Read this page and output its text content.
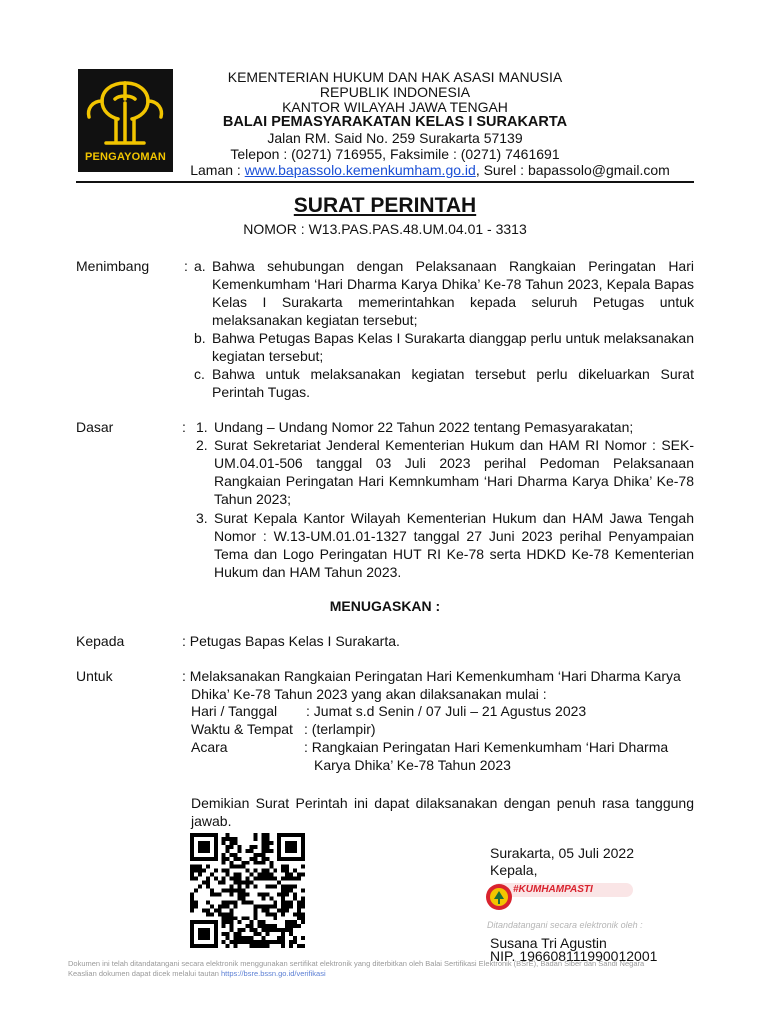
PENGAYOMAN
KEMENTERIAN HUKUM DAN HAK ASASI MANUSIA
REPUBLIK INDONESIA
KANTOR WILAYAH JAWA TENGAH
BALAI PEMASYARAKATAN KELAS I SURAKARTA
Jalan RM. Said No. 259 Surakarta 57139
Telepon : (0271) 716955, Faksimile : (0271) 7461691
Laman : www.bapassolo.kemenkumham.go.id, Surel : bapassolo@gmail.com
SURAT PERINTAH
NOMOR : W13.PAS.PAS.48.UM.04.01 - 3313
Menimbang : a. Bahwa sehubungan dengan Pelaksanaan Rangkaian Peringatan Hari Kemenkumham ‘Hari Dharma Karya Dhika’ Ke-78 Tahun 2023, Kepala Bapas Kelas I Surakarta memerintahkan kepada seluruh Petugas untuk melaksanakan kegiatan tersebut;
b. Bahwa Petugas Bapas Kelas I Surakarta dianggap perlu untuk melaksanakan kegiatan tersebut;
c. Bahwa untuk melaksanakan kegiatan tersebut perlu dikeluarkan Surat Perintah Tugas.
Dasar	: 1. Undang – Undang Nomor 22 Tahun 2022 tentang Pemasyarakatan;
2. Surat Sekretariat Jenderal Kementerian Hukum dan HAM RI Nomor : SEK-UM.04.01-506 tanggal 03 Juli 2023 perihal Pedoman Pelaksanaan Rangkaian Peringatan Hari Kemnkumham ‘Hari Dharma Karya Dhika’ Ke-78 Tahun 2023;
3. Surat Kepala Kantor Wilayah Kementerian Hukum dan HAM Jawa Tengah Nomor : W.13-UM.01.01-1327 tanggal 27 Juni 2023 perihal Penyampaian Tema dan Logo Peringatan HUT RI Ke-78 serta HDKD Ke-78 Kementerian Hukum dan HAM Tahun 2023.
MENUGASKAN :
Kepada	: Petugas Bapas Kelas I Surakarta.
Untuk	: Melaksanakan Rangkaian Peringatan Hari Kemenkumham ‘Hari Dharma Karya
Dhika’ Ke-78 Tahun 2023 yang akan dilaksanakan mulai :
Hari / Tanggal : Jumat s.d Senin / 07 Juli – 21 Agustus 2023
Waktu & Tempat : (terlampir)
Acara	: Rangkaian Peringatan Hari Kemenkumham ‘Hari Dharma
Karya Dhika’ Ke-78 Tahun 2023
Demikian Surat Perintah ini dapat dilaksanakan dengan penuh rasa tanggung jawab.
Surakarta, 05 Juli 2022
Kepala,
#KUMHAMPASTI
Ditandatangani secara elektronik oleh :
Susana Tri Agustin
NIP. 196608111990012001
Dokumen ini telah ditandatangani secara elektronik menggunakan sertifikat elektronik yang diterbitkan oleh Balai Sertifikasi Elektronik (BSrE), Badan Siber dan Sandi Negara
Keaslian dokumen dapat dicek melalui tautan https://bsre.bssn.go.id/verifikasi
